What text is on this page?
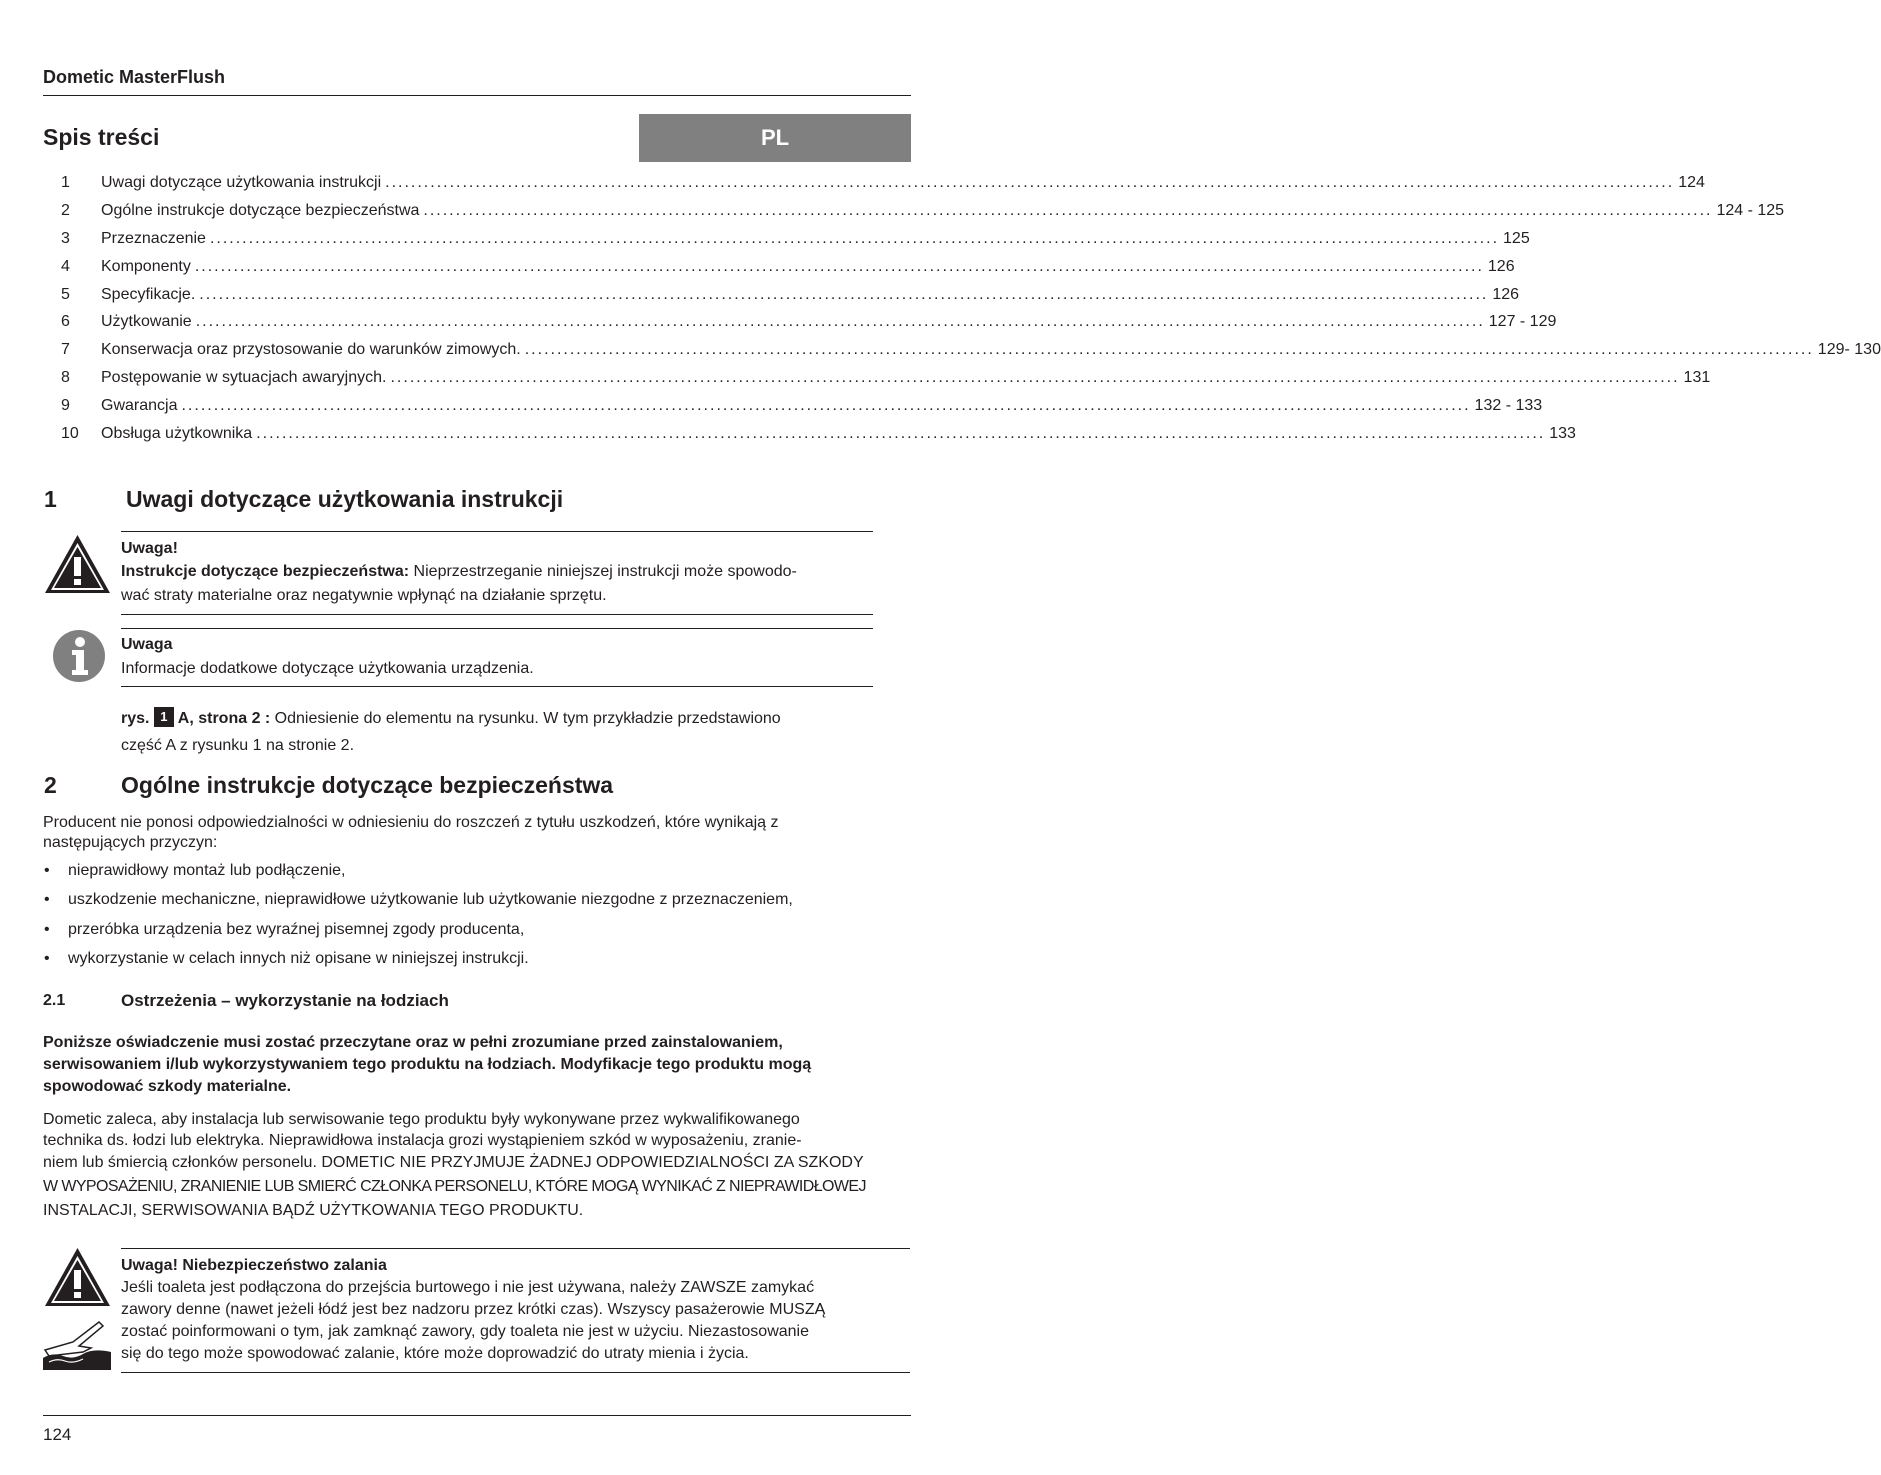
Dometic MasterFlush
Spis treści	PL
1	Uwagi dotyczące użytkowania instrukcji ........................................................................................................................................................................................................ 124
2	Ogólne instrukcje dotyczące bezpieczeństwa ........................................................................................................................................................................................................ 124 - 125
3	Przeznaczenie ........................................................................................................................................................................................................ 125
4	Komponenty ........................................................................................................................................................................................................ 126
5	Specyfikacje. ........................................................................................................................................................................................................ 126
6	Użytkowanie ........................................................................................................................................................................................................ 127 - 129
7	Konserwacja oraz przystosowanie do warunków zimowych. ........................................................................................................................................................................................................ 129- 130
8	Postępowanie w sytuacjach awaryjnych. ........................................................................................................................................................................................................ 131
9	Gwarancja ........................................................................................................................................................................................................ 132 - 133
10	Obsługa użytkownika ........................................................................................................................................................................................................ 133
1	Uwagi dotyczące użytkowania instrukcji
Uwaga!
Instrukcje dotyczące bezpieczeństwa: Nieprzestrzeganie niniejszej instrukcji może spowodo-
wać straty materialne oraz negatywnie wpłynąć na działanie sprzętu.
Uwaga
Informacje dodatkowe dotyczące użytkowania urządzenia.
rys. 1 A, strona 2 : Odniesienie do elementu na rysunku. W tym przykładzie przedstawiono
część A z rysunku 1 na stronie 2.
2	Ogólne instrukcje dotyczące bezpieczeństwa
Producent nie ponosi odpowiedzialności w odniesieniu do roszczeń z tytułu uszkodzeń, które wynikają z
następujących przyczyn:
• nieprawidłowy montaż lub podłączenie,
• uszkodzenie mechaniczne, nieprawidłowe użytkowanie lub użytkowanie niezgodne z przeznaczeniem,
• przeróbka urządzenia bez wyraźnej pisemnej zgody producenta,
• wykorzystanie w celach innych niż opisane w niniejszej instrukcji.
2.1	Ostrzeżenia – wykorzystanie na łodziach
Poniższe oświadczenie musi zostać przeczytane oraz w pełni zrozumiane przed zainstalowaniem,
serwisowaniem i/lub wykorzystywaniem tego produktu na łodziach. Modyfikacje tego produktu mogą
spowodować szkody materialne.
Dometic zaleca, aby instalacja lub serwisowanie tego produktu były wykonywane przez wykwalifikowanego
technika ds. łodzi lub elektryka. Nieprawidłowa instalacja grozi wystąpieniem szkód w wyposażeniu, zranie-
niem lub śmiercią członków personelu. DOMETIC NIE PRZYJMUJE ŻADNEJ ODPOWIEDZIALNOŚCI ZA SZKODY
W WYPOSAŻENIU, ZRANIENIE LUB SMIERĆ CZŁONKA PERSONELU, KTÓRE MOGĄ WYNIKAĆ Z NIEPRAWIDŁOWEJ
INSTALACJI, SERWISOWANIA BĄDŹ UŻYTKOWANIA TEGO PRODUKTU.
Uwaga! Niebezpieczeństwo zalania
Jeśli toaleta jest podłączona do przejścia burtowego i nie jest używana, należy ZAWSZE zamykać
zawory denne (nawet jeżeli łódź jest bez nadzoru przez krótki czas). Wszyscy pasażerowie MUSZĄ
zostać poinformowani o tym, jak zamknąć zawory, gdy toaleta nie jest w użyciu. Niezastosowanie
się do tego może spowodować zalanie, które może doprowadzić do utraty mienia i życia.
124
